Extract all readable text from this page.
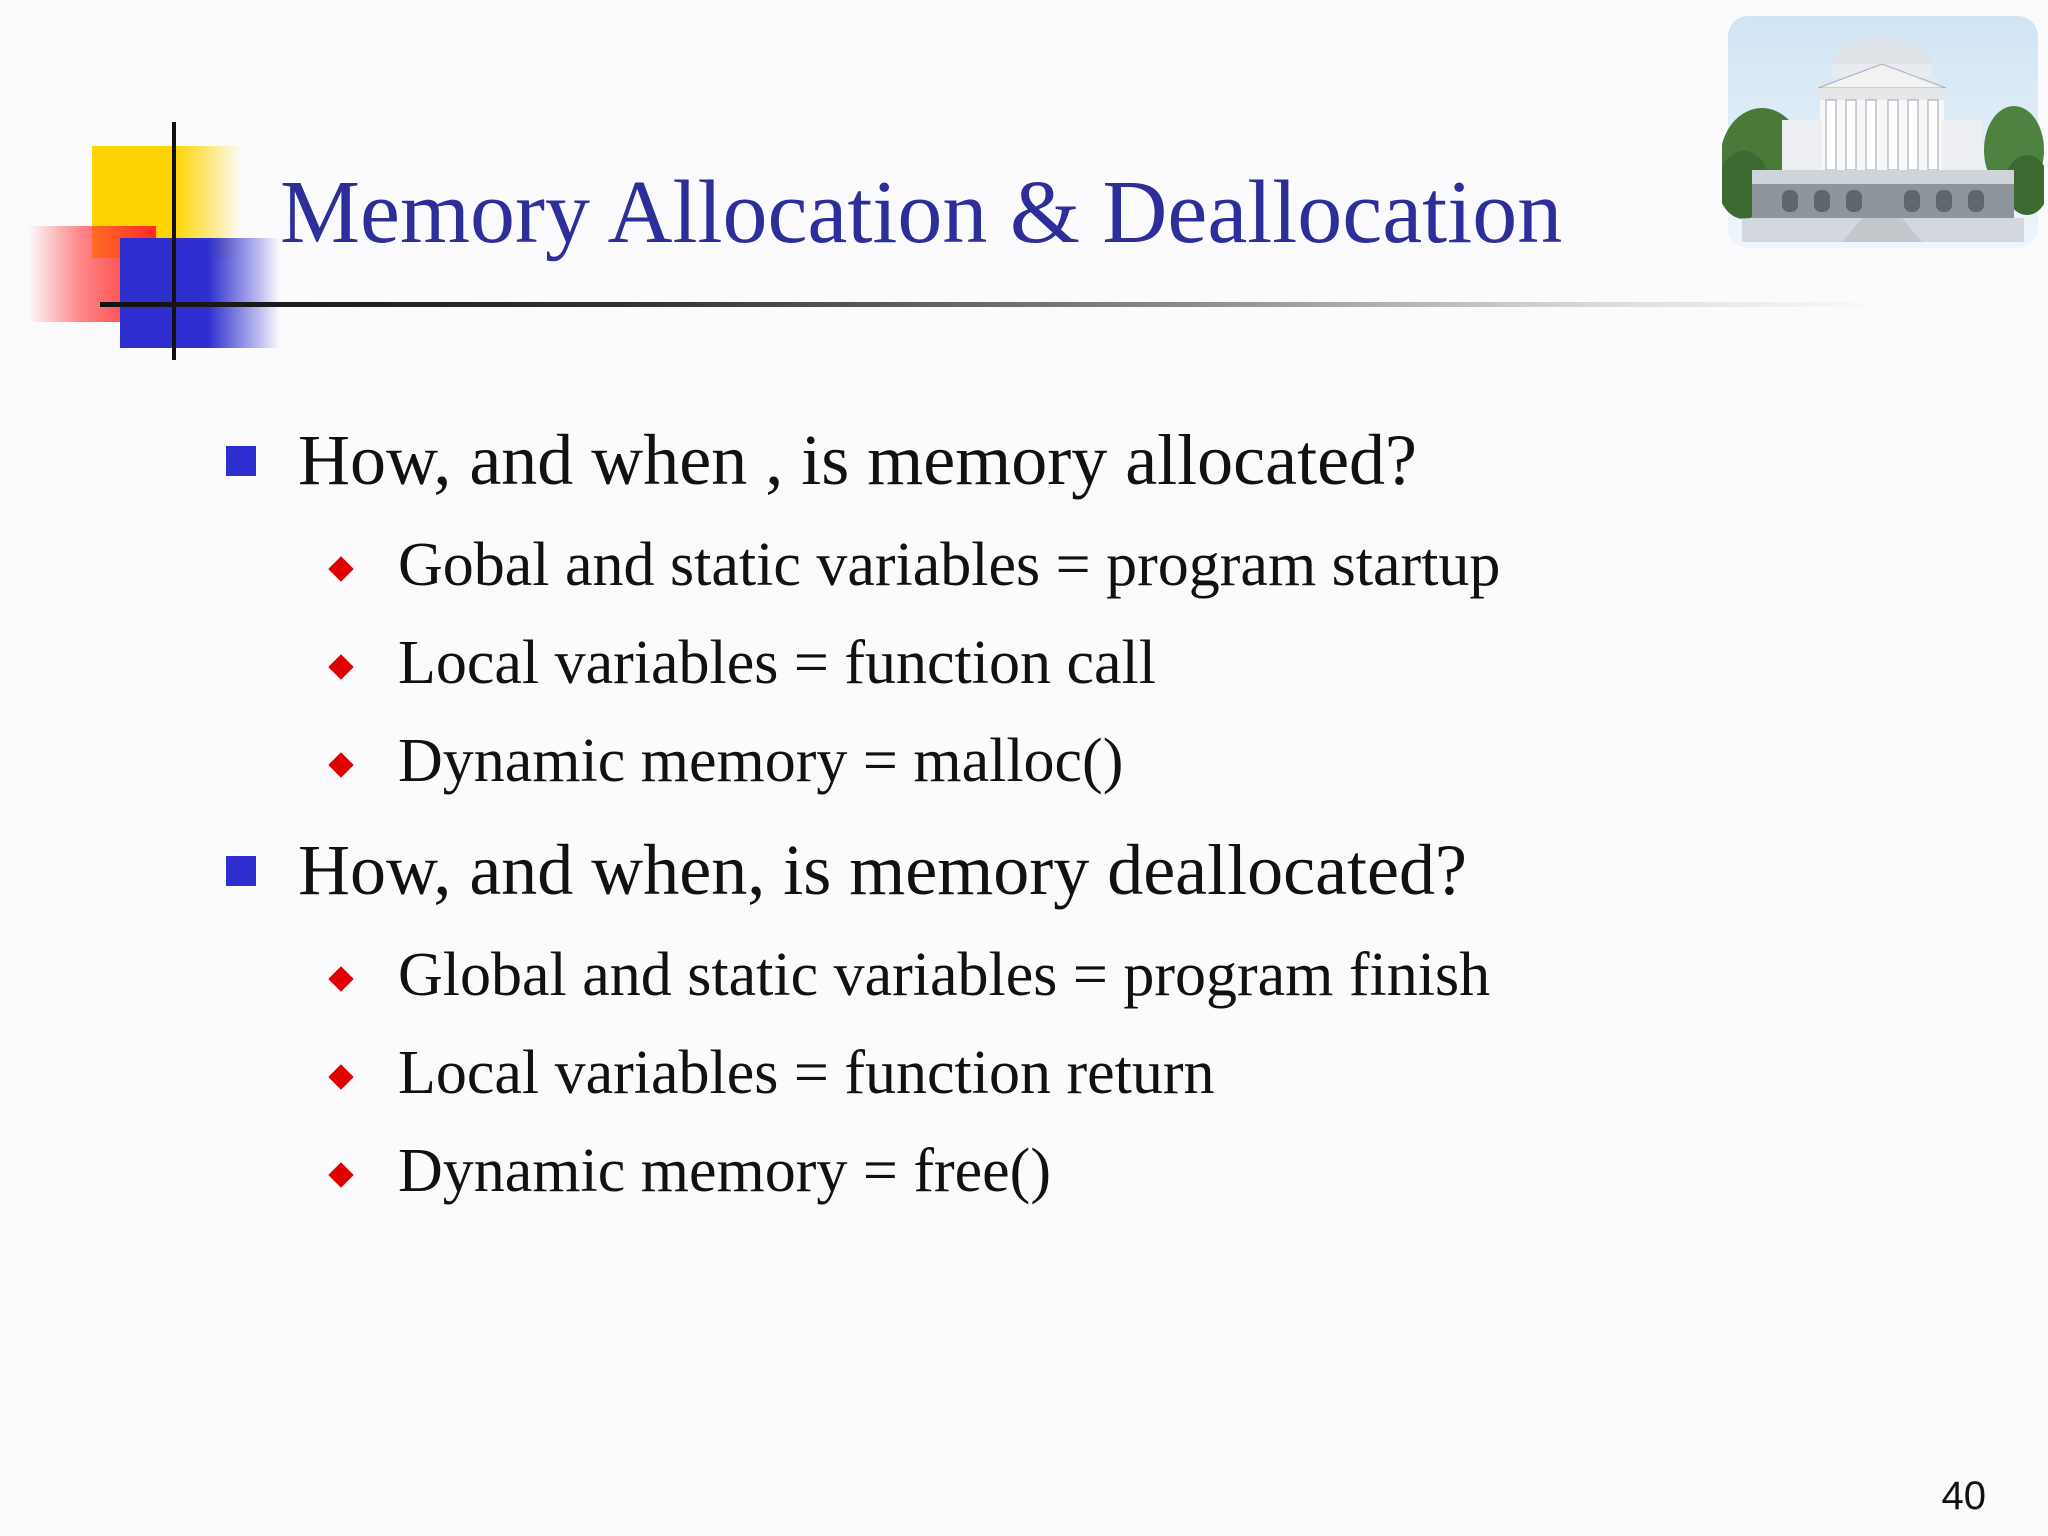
Memory Allocation & Deallocation
How, and when , is memory allocated?
Gobal and static variables = program startup
Local variables = function call
Dynamic memory = malloc()
How, and when, is memory deallocated?
Global and static variables = program finish
Local variables = function return
Dynamic memory = free()
40
